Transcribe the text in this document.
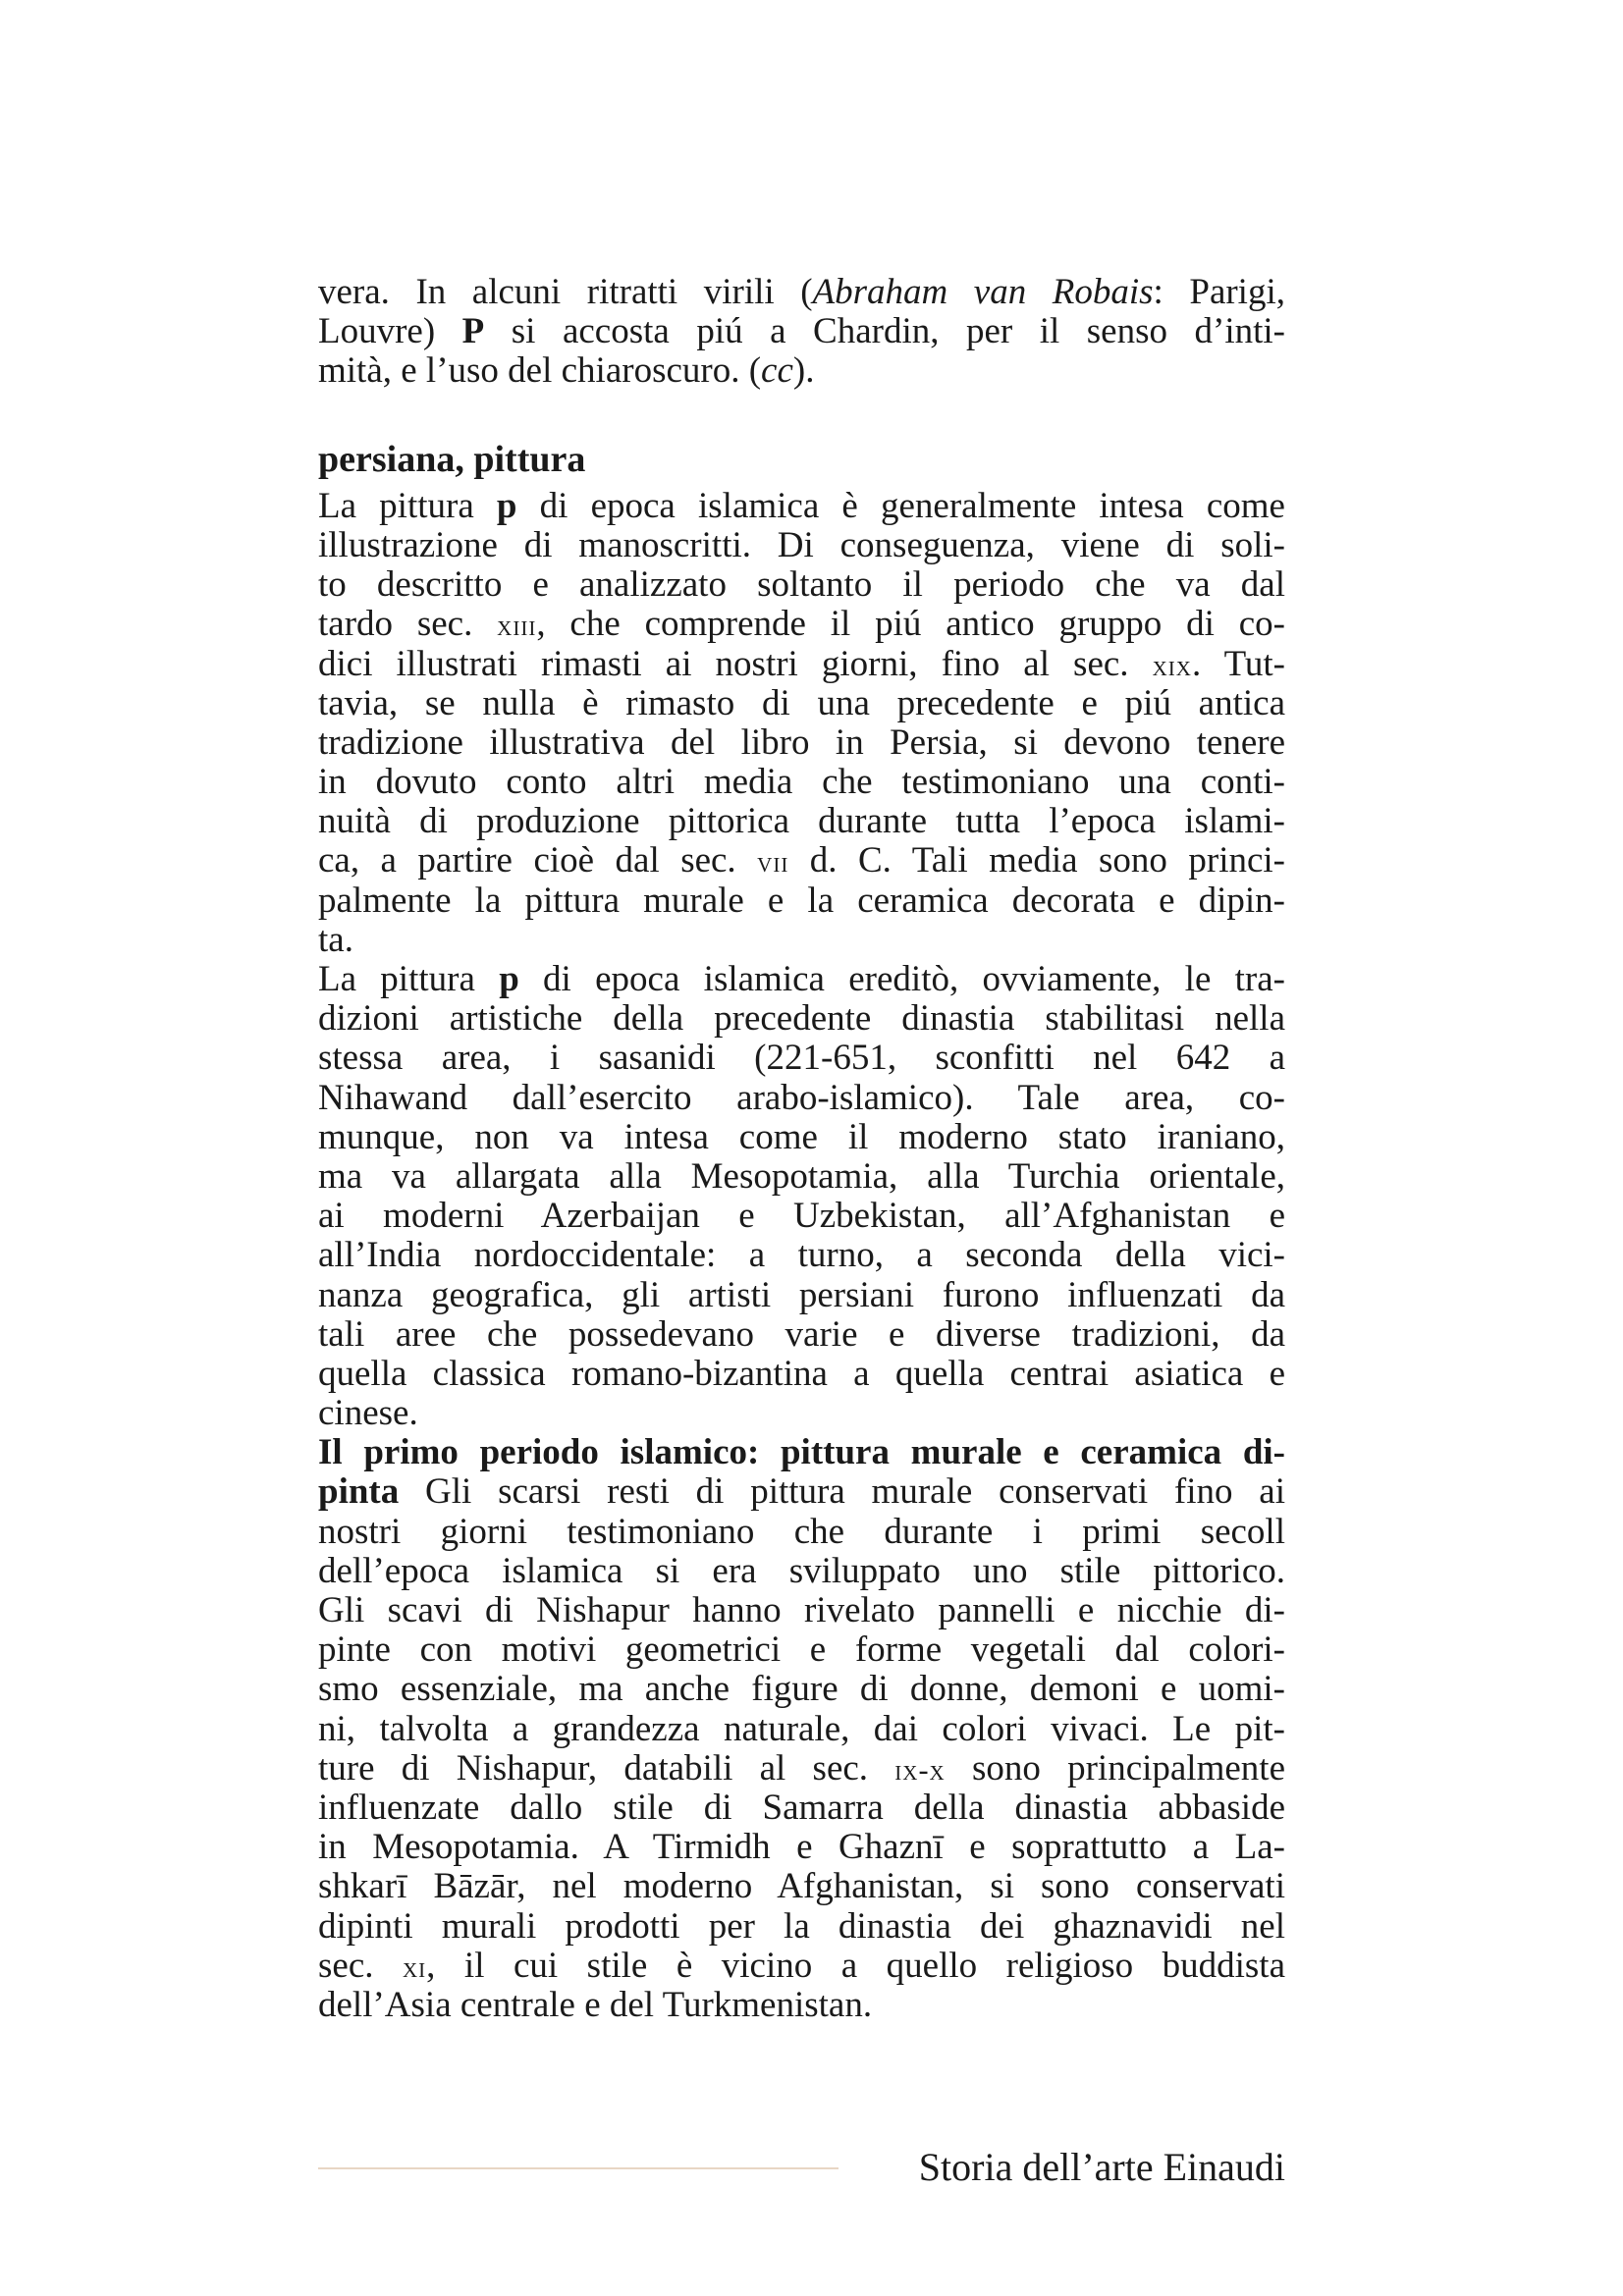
vera. In alcuni ritratti virili (Abraham van Robais: Parigi,
Louvre) P si accosta piú a Chardin, per il senso d’inti-
mità, e l’uso del chiaroscuro. (cc).
persiana, pittura
La pittura p di epoca islamica è generalmente intesa come
illustrazione di manoscritti. Di conseguenza, viene di soli-
to descritto e analizzato soltanto il periodo che va dal
tardo sec. xiii, che comprende il piú antico gruppo di co-
dici illustrati rimasti ai nostri giorni, fino al sec. xix. Tut-
tavia, se nulla è rimasto di una precedente e piú antica
tradizione illustrativa del libro in Persia, si devono tenere
in dovuto conto altri media che testimoniano una conti-
nuità di produzione pittorica durante tutta l’epoca islami-
ca, a partire cioè dal sec. vii d. C. Tali media sono princi-
palmente la pittura murale e la ceramica decorata e dipin-
ta.
La pittura p di epoca islamica ereditò, ovviamente, le tra-
dizioni artistiche della precedente dinastia stabilitasi nella
stessa area, i sasanidi (221-651, sconfitti nel 642 a
Nihawand dall’esercito arabo-islamico). Tale area, co-
munque, non va intesa come il moderno stato iraniano,
ma va allargata alla Mesopotamia, alla Turchia orientale,
ai moderni Azerbaijan e Uzbekistan, all’Afghanistan e
all’India nordoccidentale: a turno, a seconda della vici-
nanza geografica, gli artisti persiani furono influenzati da
tali aree che possedevano varie e diverse tradizioni, da
quella classica romano-bizantina a quella centrai asiatica e
cinese.
Il primo periodo islamico: pittura murale e ceramica di-
pinta Gli scarsi resti di pittura murale conservati fino ai
nostri giorni testimoniano che durante i primi secoll
dell’epoca islamica si era sviluppato uno stile pittorico.
Gli scavi di Nishapur hanno rivelato pannelli e nicchie di-
pinte con motivi geometrici e forme vegetali dal colori-
smo essenziale, ma anche figure di donne, demoni e uomi-
ni, talvolta a grandezza naturale, dai colori vivaci. Le pit-
ture di Nishapur, databili al sec. ix-x sono principalmente
influenzate dallo stile di Samarra della dinastia abbaside
in Mesopotamia. A Tirmidh e Ghaznī e soprattutto a La-
shkarī Bāzār, nel moderno Afghanistan, si sono conservati
dipinti murali prodotti per la dinastia dei ghaznavidi nel
sec. xi, il cui stile è vicino a quello religioso buddista
dell’Asia centrale e del Turkmenistan.
Storia dell’arte Einaudi
